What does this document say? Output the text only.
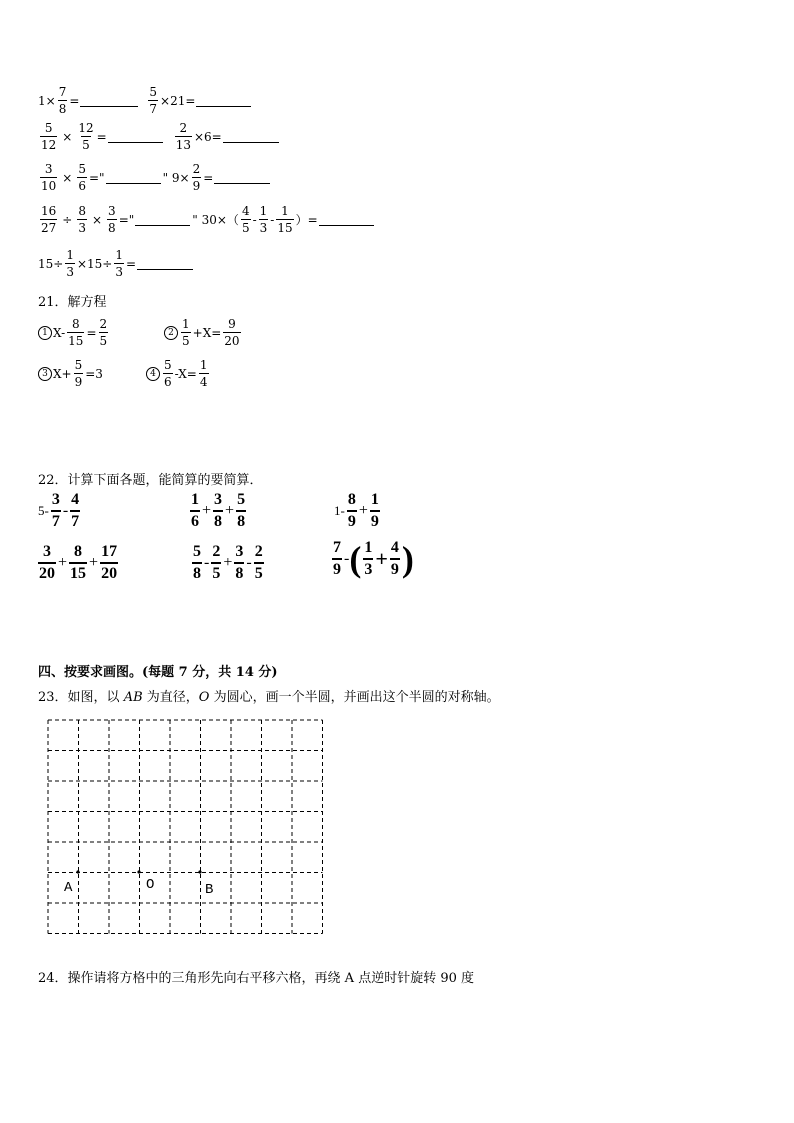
$1\times \frac{7}{8}$ =	$\frac{5}{7} \times 21=$
$\frac{5}{12} \times \frac{12}{5}$ =	$\frac{2}{13} \times 6=$
$\frac{3}{10} \times \frac{5}{6}$ ="	" $9\times \frac{2}{9}$ =
$\frac{16}{27} \div \frac{8}{3} \times \frac{3}{8}$ ="	" $30\times( \frac{4}{5} - \frac{1}{3} - \frac{1}{15}$ ）=
$15\div \frac{1}{3} \times 15\div \frac{1}{3}$ =
21．解方程
1 $X- \frac{8}{15} = \frac{2}{5}$	$2 \frac{1}{5} +X= \frac{9}{20}$
3 $X+ \frac{5}{9} =3$	$4 \frac{5}{6} -X= \frac{1}{4}$
22．计算下面各题，能简算的要简算．
$5- \frac{3}{7} - \frac{4}{7}$	$\frac{1}{6} + \frac{3}{8} + \frac{5}{8}$	$1- \frac{8}{9} + \frac{1}{9}$
$\frac{3}{20} + \frac{8}{15} + \frac{17}{20}$	$\frac{5}{8} - \frac{2}{5} + \frac{3}{8} - \frac{2}{5}$	$\frac{7}{9}$ - ( $\frac{1}{3} + \frac{4}{9}$ )
四、按要求画图。(每题 7 分，共 14 分)
23．如图，以 AB 为直径，O 为圆心，画一个半圆，并画出这个半圆的对称轴。
A	O	B
24．操作请将方格中的三角形先向右平移六格，再绕 A 点逆时针旋转 90 度
